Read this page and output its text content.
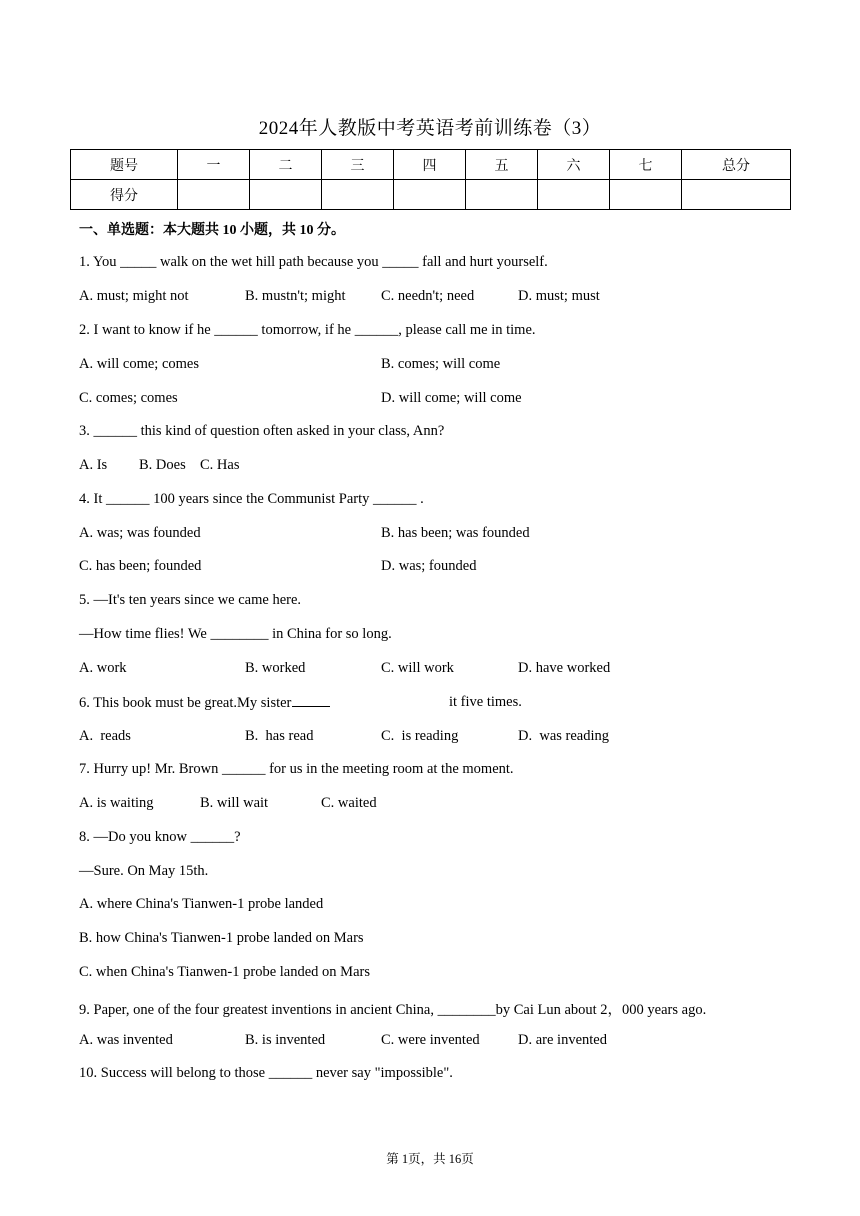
2024年人教版中考英语考前训练卷（3）
题号	一	二	三	四	五	六	七	总分
得分								
一、单选题：本大题共 10 小题，共 10 分。
1. You _____ walk on the wet hill path because you _____ fall and hurt yourself.
A. must; might not	B. mustn't; might C. needn't; need	D. must; must
2. I want to know if he ______ tomorrow, if he ______, please call me in time.
A. will come; comes	B. comes; will come
C. comes; comes	D. will come; will come
3. ______ this kind of question often asked in your class, Ann?
A. Is B. Does C. Has
4. It ______ 100 years since the Communist Party ______ .
A. was; was founded	B. has been; was founded
C. has been; founded	D. was; founded
5. —It's ten years since we came here.
—How time flies! We ________ in China for so long.
A. work	B. worked	C. will work	D. have worked
6. This book must be great.My sister	it five times.
A.  reads	B.  has read	C.  is reading	D.  was reading
7. Hurry up! Mr. Brown ______ for us in the meeting room at the moment.
A. is waiting	B. will wait	C. waited
8. —Do you know ______?
—Sure. On May 15th.
A. where China's Tianwen-1 probe landed
B. how China's Tianwen-1 probe landed on Mars
C. when China's Tianwen-1 probe landed on Mars
9. Paper, one of the four greatest inventions in ancient China, ________by Cai Lun about 2，000 years ago.
A. was invented	B. is invented	C. were invented	D. are invented
10. Success will belong to those ______ never say "impossible".
第 1页，共 16页
